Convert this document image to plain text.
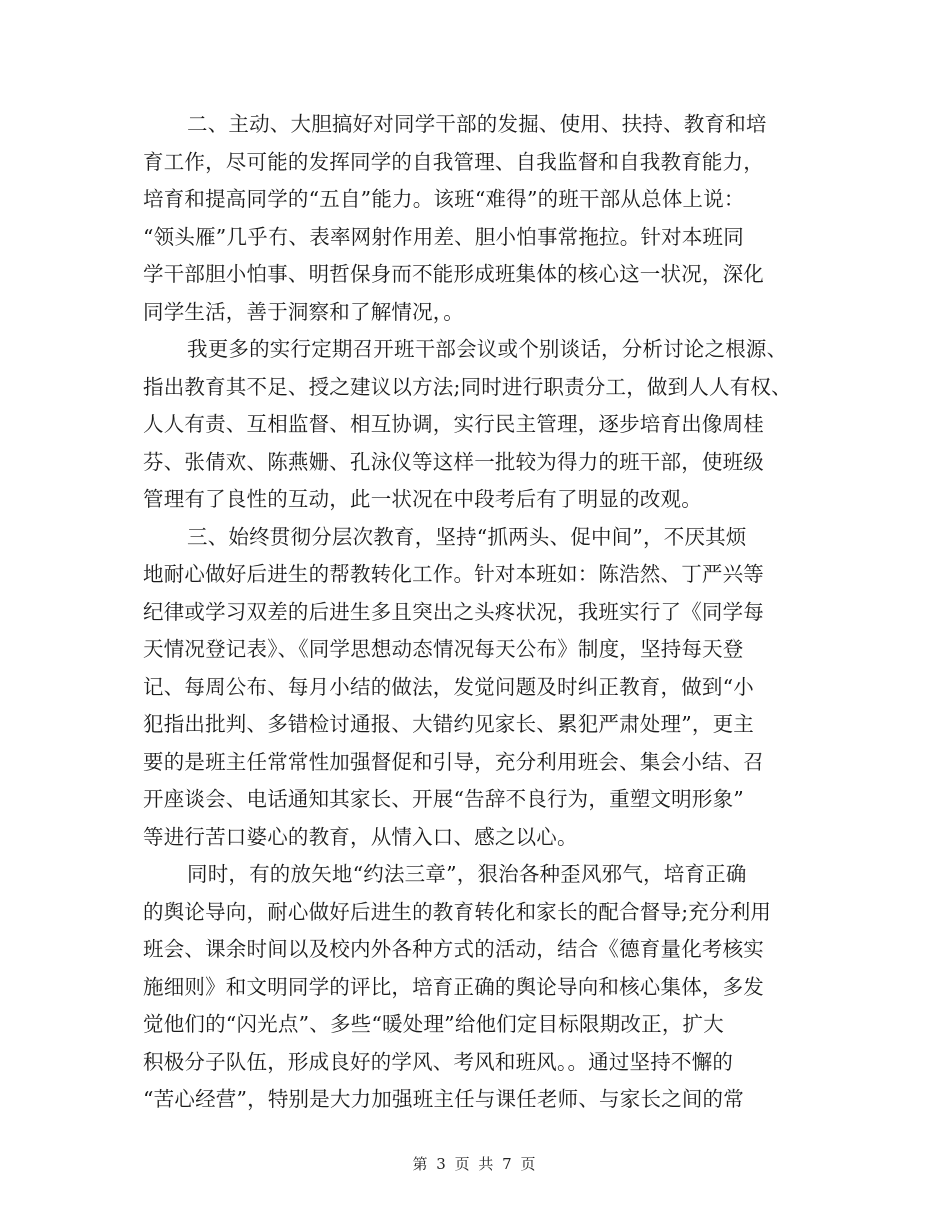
二、主动、大胆搞好对同学干部的发掘、使用、扶持、教育和培
育工作，尽可能的发挥同学的自我管理、自我监督和自我教育能力，
培育和提高同学的“五自”能力。该班“难得”的班干部从总体上说：
“领头雁”几乎冇、表率网射作用差、胆小怕事常拖拉。针对本班同
学干部胆小怕事、明哲保身而不能形成班集体的核心这一状况，深化
同学生活，善于洞察和了解情况，。
我更多的实行定期召开班干部会议或个别谈话，分析讨论之根源、
指出教育其不足、授之建议以方法;同时进行职责分工，做到人人有权、
人人有责、互相监督、相互协调，实行民主管理，逐步培育出像周桂
芬、张倩欢、陈燕姗、孔泳仪等这样一批较为得力的班干部，使班级
管理有了良性的互动，此一状况在中段考后有了明显的改观。
三、始终贯彻分层次教育，坚持“抓两头、促中间”，不厌其烦
地耐心做好后进生的帮教转化工作。针对本班如：陈浩然、丁严兴等
纪律或学习双差的后进生多且突出之头疼状况，我班实行了《同学每
天情况登记表》、《同学思想动态情况每天公布》制度，坚持每天登
记、每周公布、每月小结的做法，发觉问题及时纠正教育，做到“小
犯指出批判、多错检讨通报、大错约见家长、累犯严肃处理”，更主
要的是班主任常常性加强督促和引导，充分利用班会、集会小结、召
开座谈会、电话通知其家长、开展“告辞不良行为，重塑文明形象”
等进行苦口婆心的教育，从情入口、感之以心。
同时，有的放矢地“约法三章”，狠治各种歪风邪气，培育正确
的舆论导向，耐心做好后进生的教育转化和家长的配合督导;充分利用
班会、课余时间以及校内外各种方式的活动，结合《德育量化考核实
施细则》和文明同学的评比，培育正确的舆论导向和核心集体，多发
觉他们的“闪光点”、多些“暖处理”给他们定目标限期改正，扩大
积极分子队伍，形成良好的学风、考风和班风。。通过坚持不懈的
“苦心经营”，特别是大力加强班主任与课任老师、与家长之间的常
第 3 页 共 7 页
